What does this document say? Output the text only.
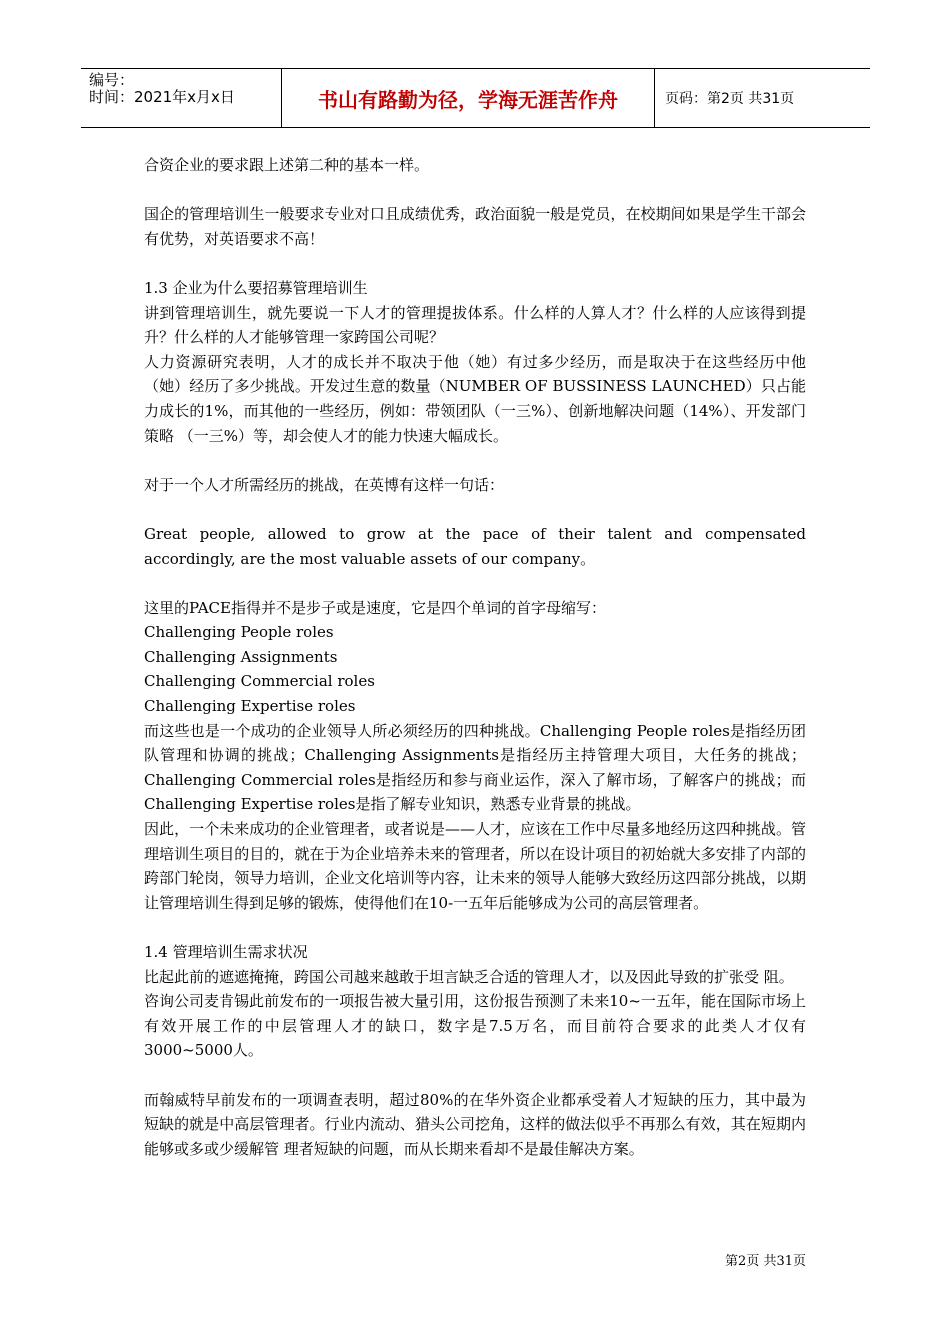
编号：
时间：2021年x月x日	书山有路勤为径，学海无涯苦作舟	页码：第2页 共31页

合资企业的要求跟上述第二种的基本一样。

国企的管理培训生一般要求专业对口且成绩优秀，政治面貌一般是党员，在校期间如果是学生干部会有优势，对英语要求不高！

1.3 企业为什么要招募管理培训生

讲到管理培训生，就先要说一下人才的管理提拔体系。什么样的人算人才？什么样的人应该得到提升？什么样的人才能够管理一家跨国公司呢？

人力资源研究表明，人才的成长并不取决于他（她）有过多少经历，而是取决于在这些经历中他（她）经历了多少挑战。开发过生意的数量（NUMBER OF BUSSINESS LAUNCHED）只占能力成长的1%，而其他的一些经历，例如：带领团队（一三%）、创新地解决问题（14%）、开发部门策略 （一三%）等，却会使人才的能力快速大幅成长。

对于一个人才所需经历的挑战，在英博有这样一句话：

Great people, allowed to grow at the pace of their talent and compensated accordingly, are the most valuable assets of our company。

这里的PACE指得并不是步子或是速度，它是四个单词的首字母缩写：

Challenging People roles

Challenging Assignments

Challenging Commercial roles

Challenging Expertise roles

而这些也是一个成功的企业领导人所必须经历的四种挑战。Challenging People roles是指经历团 队管理和协调的挑战；Challenging Assignments是指经历主持管理大项目，大任务的挑战；Challenging Commercial roles是指经历和参与商业运作，深入了解市场，了解客户的挑战；而Challenging Expertise roles是指了解专业知识，熟悉专业背景的挑战。

因此，一个未来成功的企业管理者，或者说是——人才，应该在工作中尽量多地经历这四种挑战。管理培训生项目的目的，就在于为企业培养未来的管理者，所以在设计项目的初始就大多安排了内部的跨部门轮岗，领导力培训，企业文化培训等内容，让未来的领导人能够大致经历这四部分挑战，以期让管理培训生得到足够的锻炼，使得他们在10-一五年后能够成为公司的高层管理者。

1.4 管理培训生需求状况

比起此前的遮遮掩掩，跨国公司越来越敢于坦言缺乏合适的管理人才，以及因此导致的扩张受 阻。

咨询公司麦肯锡此前发布的一项报告被大量引用，这份报告预测了未来10~一五年，能在国际市场上有效开展工作的中层管理人才的缺口，数字是7.5万名，而目前符合要求的此类人才仅有3000~5000人。

而翰威特早前发布的一项调查表明，超过80%的在华外资企业都承受着人才短缺的压力，其中最为短缺的就是中高层管理者。行业内流动、猎头公司挖角，这样的做法似乎不再那么有效，其在短期内能够或多或少缓解管 理者短缺的问题，而从长期来看却不是最佳解决方案。

第2页 共31页
